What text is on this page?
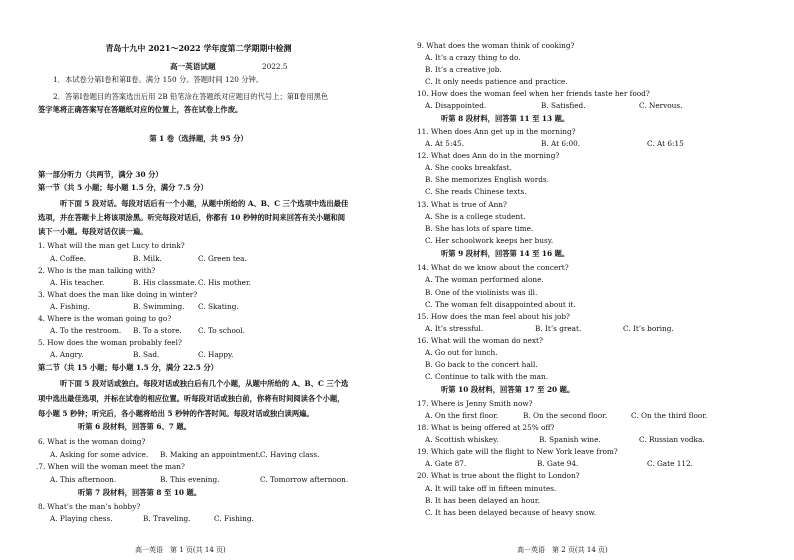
青岛十九中 2021～2022 学年度第二学期期中检测
高一英语试题	2022.5
1．本试卷分第Ⅰ卷和第Ⅱ卷。满分 150 分。答题时间 120 分钟。
2．答第Ⅰ卷题目的答案选出后用 2B 铅笔涂在答题纸对应题目的代号上；第Ⅱ卷用黑色
签字笔将正确答案写在答题纸对应的位置上，答在试卷上作废。
第 1 卷（选择题，共 95 分）
第一部分听力（共两节，满分 30 分）
第一节（共 5 小题；每小题 1.5 分，满分 7.5 分）
听下面 5 段对话。每段对话后有一个小题，从题中所给的 A、B、C 三个选项中选出最佳
选项，并在答题卡上将该项涂黑。听完每段对话后，你都有 10 秒钟的时间来回答有关小题和阅
读下一小题。每段对话仅读一遍。
1. What will the man get Lucy to drink?
A. Coffee.	B. Milk.	C. Green tea.
2. Who is the man talking with?
A. His teacher.	B. His classmate. C. His mother.
3. What does the man like doing in winter?
A. Fishing.	B. Swimming. C. Skating.
4. Where is the woman going to go?
A. To the restroom. B. To a store. C. To school.
5. How does the woman probably feel?
A. Angry.	B. Sad.	C. Happy.
第二节（共 15 小题；每小题 1.5 分，满分 22.5 分）
听下面 5 段对话或独白。每段对话或独白后有几个小题，从题中所给的 A、B、C 三个选
项中选出最佳选项，并标在试卷的相应位置。听每段对话或独白前，你将有时间阅读各个小题，
每小题 5 秒钟；听完后，各小题将给出 5 秒钟的作答时间。每段对话或独白读两遍。
听第 6 段材料，回答第 6、7 题。
6. What is the woman doing?
A. Asking for some advice. B. Making an appointment. C. Having class.
.7. When will the woman meet the man?
A. This afternoon.	B. This evening.	C. Tomorrow afternoon.
听第 7 段材料，回答第 8 至 10 题。
8. What’s the man’s hobby?
A. Playing chess.	B. Traveling.	C. Fishing.
高一英语　第 1 页(共 14 页)
9. What does the woman think of cooking?
A. It’s a crazy thing to do.
B. It’s a creative job.
C. It only needs patience and practice.
10. How does the woman feel when her friends taste her food?
A. Disappointed.	B. Satisfied.	C. Nervous.
听第 8 段材料，回答第 11 至 13 题。
11. When does Ann get up in the morning?
A. At 5:45.	B. At 6:00.	C. At 6:15
12. What does Ann do in the morning?
A. She cooks breakfast.
B. She memorizes English words.
C. She reads Chinese texts.
13. What is true of Ann?
A. She is a college student.
B. She has lots of spare time.
C. Her schoolwork keeps her busy.
听第 9 段材料，回答第 14 至 16 题。
14. What do we know about the concert?
A. The woman performed alone.
B. One of the violinists was ill.
C. The woman felt disappointed about it.
15. How does the man feel about his job?
A. It’s stressful.	B. It’s great.	C. It’s boring.
16. What will the woman do next?
A. Go out for lunch.
B. Go back to the concert hall.
C. Continue to talk with the man.
听第 10 段材料，回答第 17 至 20 题。
17. Where is Jenny Smith now?
A. On the first floor.	B. On the second floor.	C. On the third floor.
18. What is being offered at 25% off?
A. Scottish whiskey.	B. Spanish wine.	C. Russian vodka.
19. Which gate will the flight to New York leave from?
A. Gate 87.	B. Gate 94.	C. Gate 112.
20. What is true about the flight to London?
A. It will take off in fifteen minutes.
B. It has been delayed an hour.
C. It has been delayed because of heavy snow.
高一英语　第 2 页(共 14 页)
